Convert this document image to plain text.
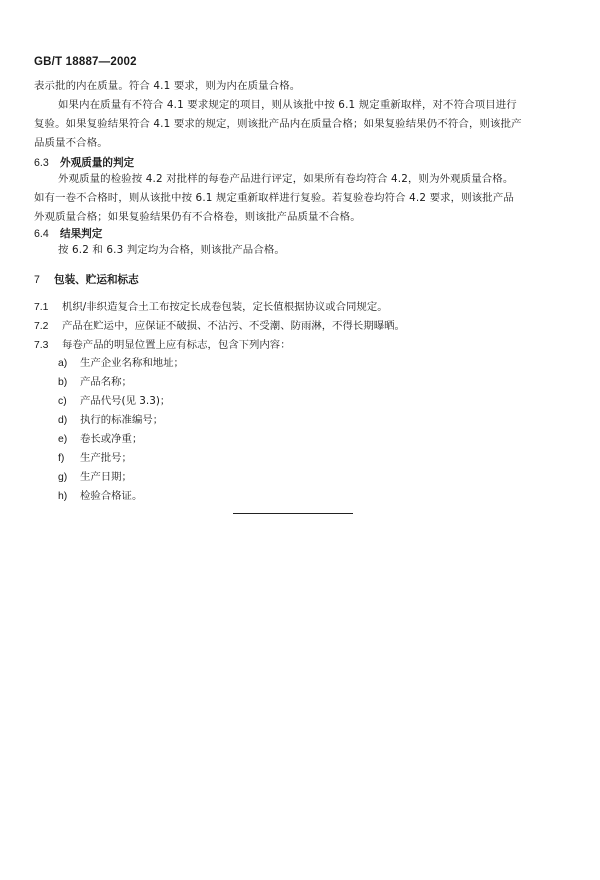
GB/T 18887—2002
表示批的内在质量。符合 4.1 要求，则为内在质量合格。
如果内在质量有不符合 4.1 要求规定的项目，则从该批中按 6.1 规定重新取样，对不符合项目进行
复验。如果复验结果符合 4.1 要求的规定，则该批产品内在质量合格；如果复验结果仍不符合，则该批产
品质量不合格。
6.3 外观质量的判定
外观质量的检验按 4.2 对批样的每卷产品进行评定，如果所有卷均符合 4.2，则为外观质量合格。
如有一卷不合格时，则从该批中按 6.1 规定重新取样进行复验。若复验卷均符合 4.2 要求，则该批产品
外观质量合格；如果复验结果仍有不合格卷，则该批产品质量不合格。
6.4 结果判定
按 6.2 和 6.3 判定均为合格，则该批产品合格。
7 包装、贮运和标志
7.1 机织/非织造复合土工布按定长成卷包装，定长值根据协议或合同规定。
7.2 产品在贮运中，应保证不破损、不沾污、不受潮、防雨淋，不得长期曝晒。
7.3 每卷产品的明显位置上应有标志，包含下列内容：
a) 生产企业名称和地址；
b) 产品名称；
c) 产品代号(见 3.3)；
d) 执行的标准编号；
e) 卷长或净重；
f) 生产批号；
g) 生产日期；
h) 检验合格证。
